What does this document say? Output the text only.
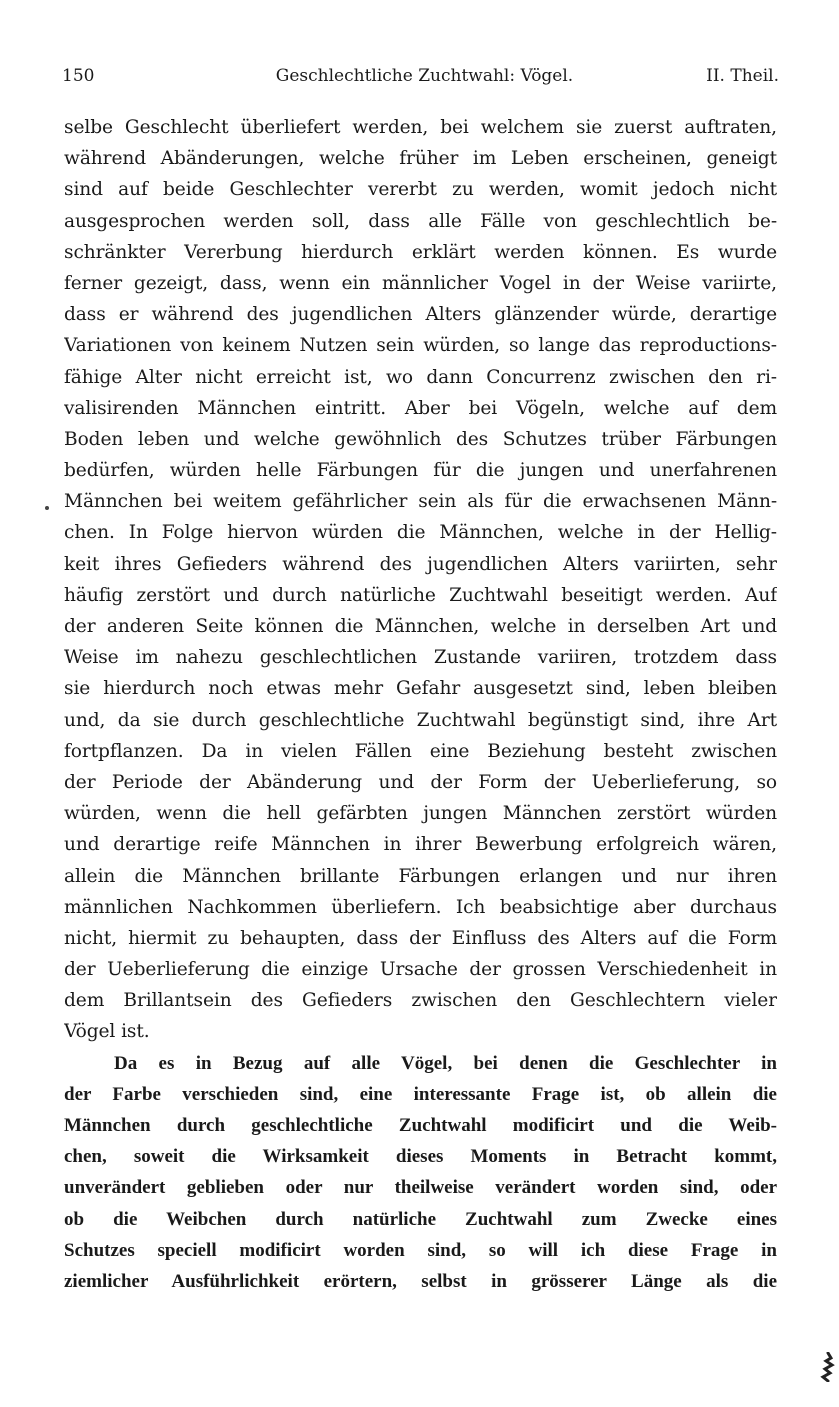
150	Geschlechtliche Zuchtwahl: Vögel.	II. Theil.
selbe Geschlecht überliefert werden, bei welchem sie zuerst auftraten,
während Abänderungen, welche früher im Leben erscheinen, geneigt
sind auf beide Geschlechter vererbt zu werden, womit jedoch nicht
ausgesprochen werden soll, dass alle Fälle von geschlechtlich be-
schränkter Vererbung hierdurch erklärt werden können. Es wurde
ferner gezeigt, dass, wenn ein männlicher Vogel in der Weise variirte,
dass er während des jugendlichen Alters glänzender würde, derartige
Variationen von keinem Nutzen sein würden, so lange das reproductions-
fähige Alter nicht erreicht ist, wo dann Concurrenz zwischen den ri-
valisirenden Männchen eintritt. Aber bei Vögeln, welche auf dem
Boden leben und welche gewöhnlich des Schutzes trüber Färbungen
bedürfen, würden helle Färbungen für die jungen und unerfahrenen
Männchen bei weitem gefährlicher sein als für die erwachsenen Männ-
chen. In Folge hiervon würden die Männchen, welche in der Hellig-
keit ihres Gefieders während des jugendlichen Alters variirten, sehr
häufig zerstört und durch natürliche Zuchtwahl beseitigt werden. Auf
der anderen Seite können die Männchen, welche in derselben Art und
Weise im nahezu geschlechtlichen Zustande variiren, trotzdem dass
sie hierdurch noch etwas mehr Gefahr ausgesetzt sind, leben bleiben
und, da sie durch geschlechtliche Zuchtwahl begünstigt sind, ihre Art
fortpflanzen. Da in vielen Fällen eine Beziehung besteht zwischen
der Periode der Abänderung und der Form der Ueberlieferung, so
würden, wenn die hell gefärbten jungen Männchen zerstört würden
und derartige reife Männchen in ihrer Bewerbung erfolgreich wären,
allein die Männchen brillante Färbungen erlangen und nur ihren
männlichen Nachkommen überliefern. Ich beabsichtige aber durchaus
nicht, hiermit zu behaupten, dass der Einfluss des Alters auf die Form
der Ueberlieferung die einzige Ursache der grossen Verschiedenheit in
dem Brillantsein des Gefieders zwischen den Geschlechtern vieler
Vögel ist.
Da es in Bezug auf alle Vögel, bei denen die Geschlechter in
der Farbe verschieden sind, eine interessante Frage ist, ob allein die
Männchen durch geschlechtliche Zuchtwahl modificirt und die Weib-
chen, soweit die Wirksamkeit dieses Moments in Betracht kommt,
unverändert geblieben oder nur theilweise verändert worden sind, oder
ob die Weibchen durch natürliche Zuchtwahl zum Zwecke eines
Schutzes speciell modificirt worden sind, so will ich diese Frage in
ziemlicher Ausführlichkeit erörtern, selbst in grösserer Länge als die
